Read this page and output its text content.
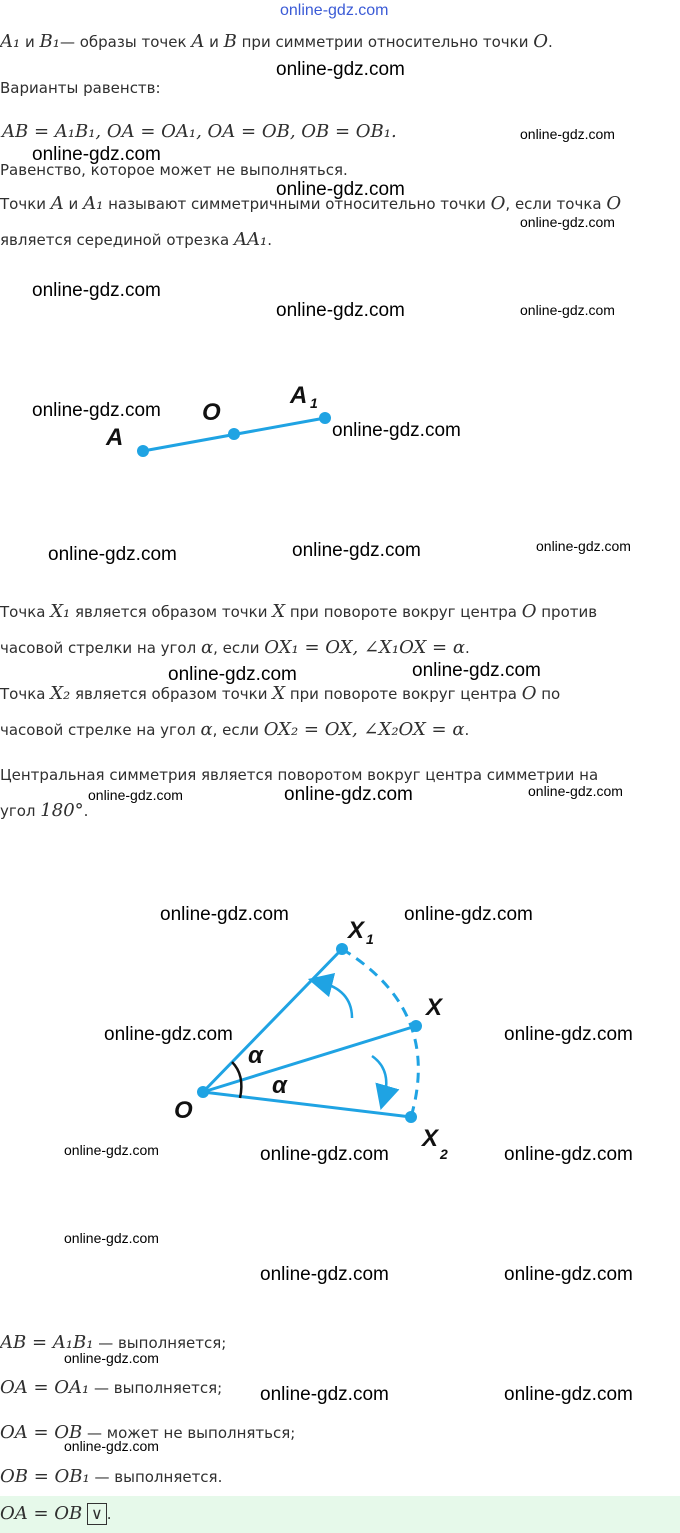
online-gdz.com
A₁ и B₁— образы точек A и B при симметрии относительно точки O.
online-gdz.com
Варианты равенств:
AB = A₁B₁, OA = OA₁, OA = OB, OB = OB₁.	online-gdz.com
online-gdz.com
Равенство, которое может не выполняться.
online-gdz.com
Точки A и A₁ называют симметричными относительно точки O, если точка O
online-gdz.com
является серединой отрезка AA₁.
online-gdz.com
online-gdz.com	online-gdz.com
A
O
A 1
online-gdz.com
online-gdz.com
online-gdz.com	online-gdz.com	online-gdz.com
Точка X₁ является образом точки X при повороте вокруг центра O против
часовой стрелки на угол α, если OX₁ = OX, ∠X₁OX = α.
online-gdz.com	online-gdz.com
Точка X₂ является образом точки X при повороте вокруг центра O по
часовой стрелке на угол α, если OX₂ = OX, ∠X₂OX = α.
Центральная симметрия является поворотом вокруг центра симметрии на
online-gdz.com	online-gdz.com	online-gdz.com
угол 180°.
X 1
X
X
2
O
α
α
online-gdz.com	online-gdz.com
online-gdz.com	online-gdz.com
online-gdz.com	online-gdz.com	online-gdz.com
online-gdz.com
online-gdz.com	online-gdz.com
AB = A₁B₁ — выполняется;
online-gdz.com
OA = OA₁ — выполняется; online-gdz.com	online-gdz.com
OA = OB — может не выполняться;
online-gdz.com
OB = OB₁ — выполняется.
OA = OB ∨ .
